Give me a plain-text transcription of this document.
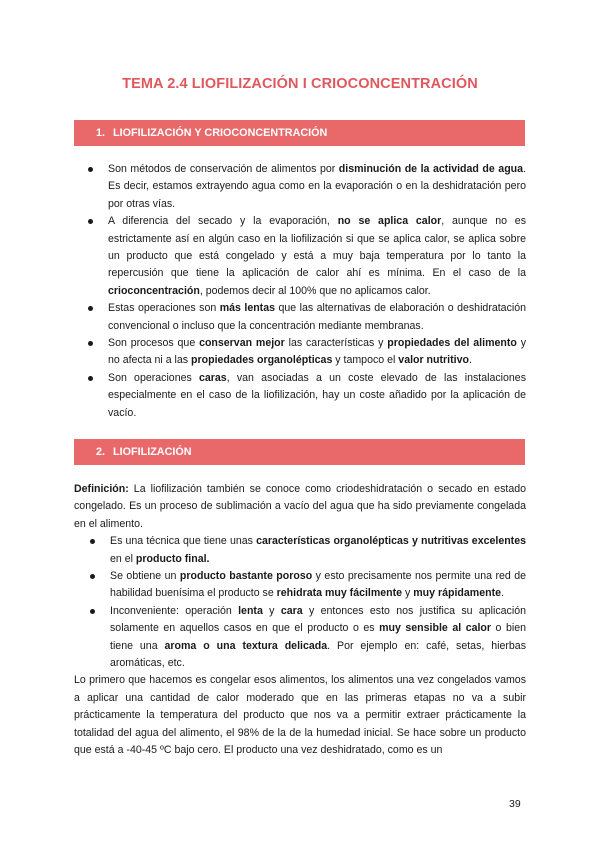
TEMA 2.4 LIOFILIZACIÓN I CRIOCONCENTRACIÓN
1. LIOFILIZACIÓN Y CRIOCONCENTRACIÓN
Son métodos de conservación de alimentos por disminución de la actividad de agua. Es decir, estamos extrayendo agua como en la evaporación o en la deshidratación pero por otras vías.
A diferencia del secado y la evaporación, no se aplica calor, aunque no es estrictamente así en algún caso en la liofilización si que se aplica calor, se aplica sobre un producto que está congelado y está a muy baja temperatura por lo tanto la repercusión que tiene la aplicación de calor ahí es mínima. En el caso de la crioconcentración, podemos decir al 100% que no aplicamos calor.
Estas operaciones son más lentas que las alternativas de elaboración o deshidratación convencional o incluso que la concentración mediante membranas.
Son procesos que conservan mejor las características y propiedades del alimento y no afecta ni a las propiedades organolépticas y tampoco el valor nutritivo.
Son operaciones caras, van asociadas a un coste elevado de las instalaciones especialmente en el caso de la liofilización, hay un coste añadido por la aplicación de vacío.
2. LIOFILIZACIÓN

Definición: La liofilización también se conoce como criodeshidratación o secado en estado congelado. Es un proceso de sublimación a vacío del agua que ha sido previamente congelada en el alimento.

Es una técnica que tiene unas características organolépticas y nutritivas excelentes en el producto final.
Se obtiene un producto bastante poroso y esto precisamente nos permite una red de habilidad buenísima el producto se rehidrata muy fácilmente y muy rápidamente.
Inconveniente: operación lenta y cara y entonces esto nos justifica su aplicación solamente en aquellos casos en que el producto o es muy sensible al calor o bien tiene una aroma o una textura delicada. Por ejemplo en: café, setas, hierbas aromáticas, etc.

Lo primero que hacemos es congelar esos alimentos, los alimentos una vez congelados vamos a aplicar una cantidad de calor moderado que en las primeras etapas no va a subir prácticamente la temperatura del producto que nos va a permitir extraer prácticamente la totalidad del agua del alimento, el 98% de la de la humedad inicial. Se hace sobre un producto que está a -40-45 ºC bajo cero. El producto una vez deshidratado, como es un

39
